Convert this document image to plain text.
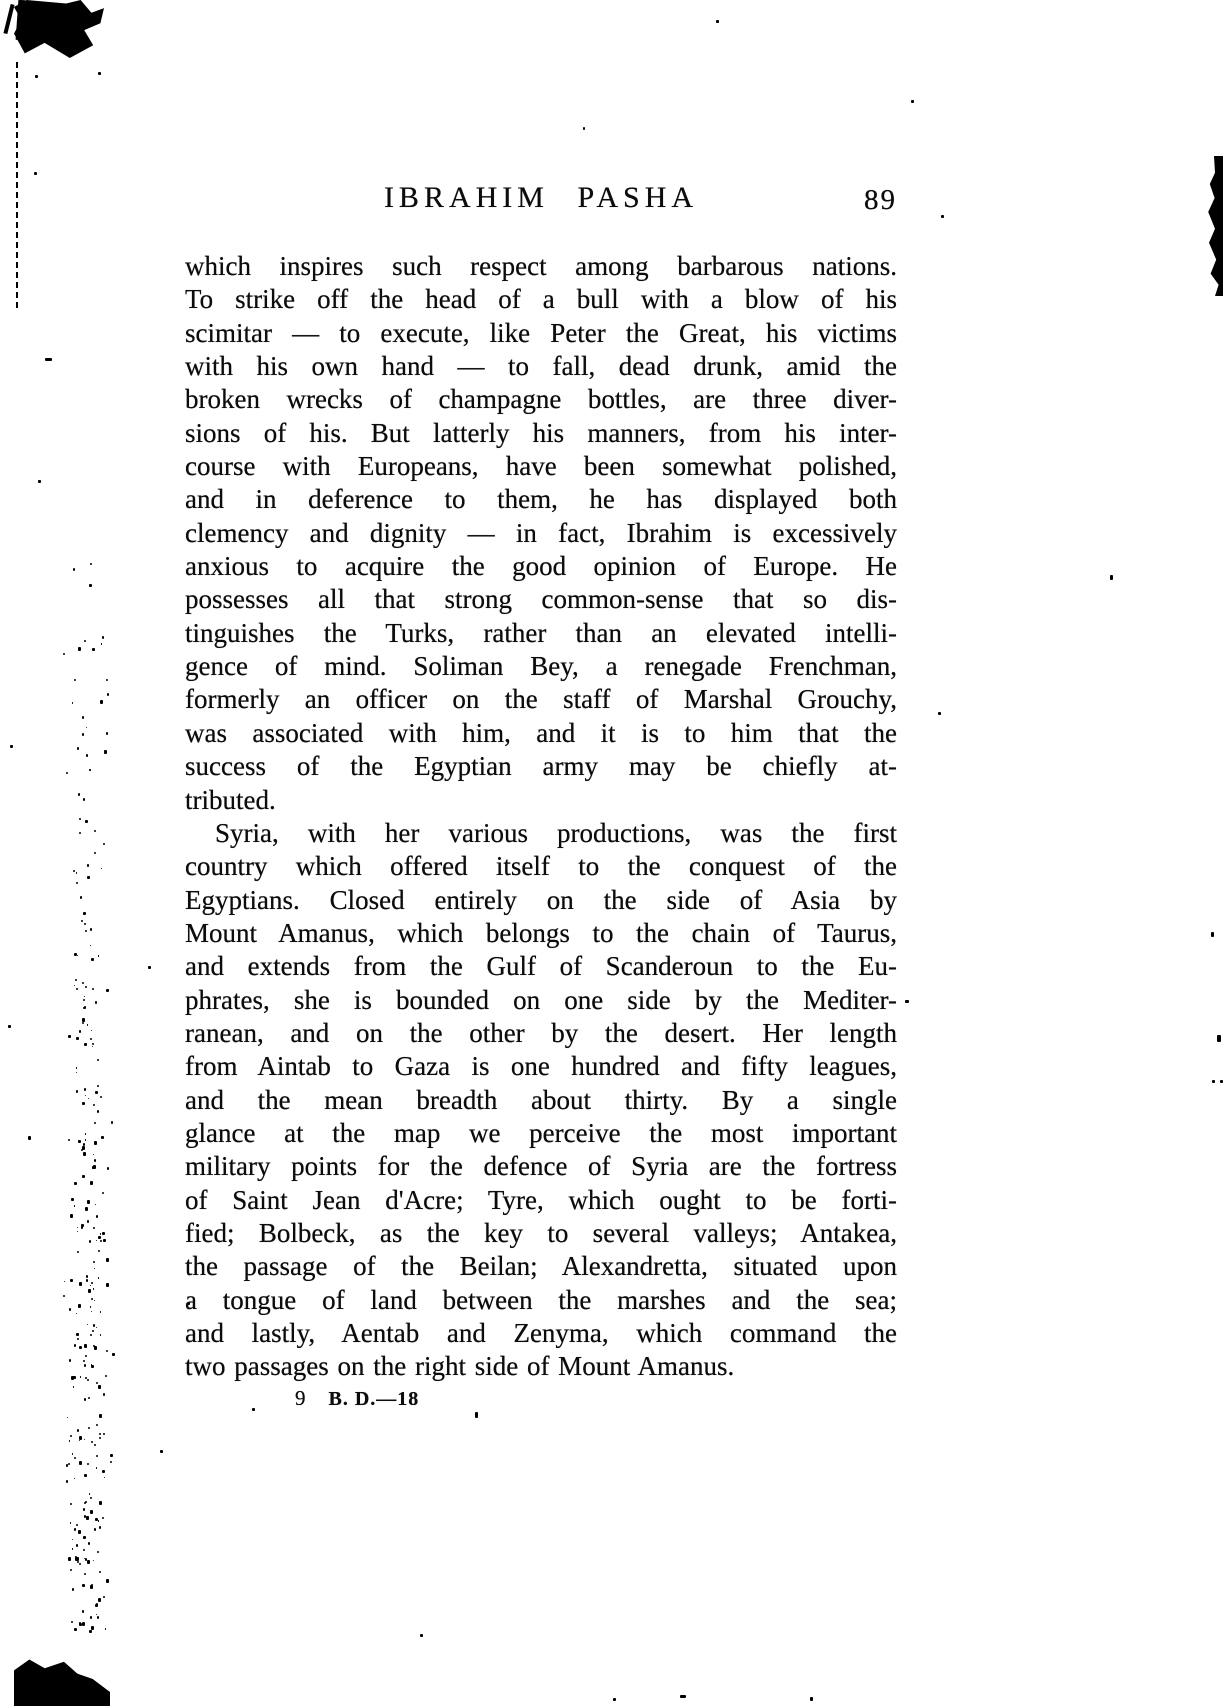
IBRAHIM PASHA	89
which inspires such respect among barbarous nations.
To strike off the head of a bull with a blow of his
scimitar — to execute, like Peter the Great, his victims
with his own hand — to fall, dead drunk, amid the
broken wrecks of champagne bottles, are three diver-
sions of his. But latterly his manners, from his inter-
course with Europeans, have been somewhat polished,
and in deference to them, he has displayed both
clemency and dignity — in fact, Ibrahim is excessively
anxious to acquire the good opinion of Europe. He
possesses all that strong common-sense that so dis-
tinguishes the Turks, rather than an elevated intelli-
gence of mind. Soliman Bey, a renegade Frenchman,
formerly an officer on the staff of Marshal Grouchy,
was associated with him, and it is to him that the
success of the Egyptian army may be chiefly at-
tributed.
Syria, with her various productions, was the first
country which offered itself to the conquest of the
Egyptians. Closed entirely on the side of Asia by
Mount Amanus, which belongs to the chain of Taurus,
and extends from the Gulf of Scanderoun to the Eu-
phrates, she is bounded on one side by the Mediter-
ranean, and on the other by the desert. Her length
from Aintab to Gaza is one hundred and fifty leagues,
and the mean breadth about thirty. By a single
glance at the map we perceive the most important
military points for the defence of Syria are the fortress
of Saint Jean d'Acre; Tyre, which ought to be forti-
fied; Bolbeck, as the key to several valleys; Antakea,
the passage of the Beilan; Alexandretta, situated upon
a tongue of land between the marshes and the sea;
and lastly, Aentab and Zenyma, which command the
two passages on the right side of Mount Amanus.
9 B. D.—18
